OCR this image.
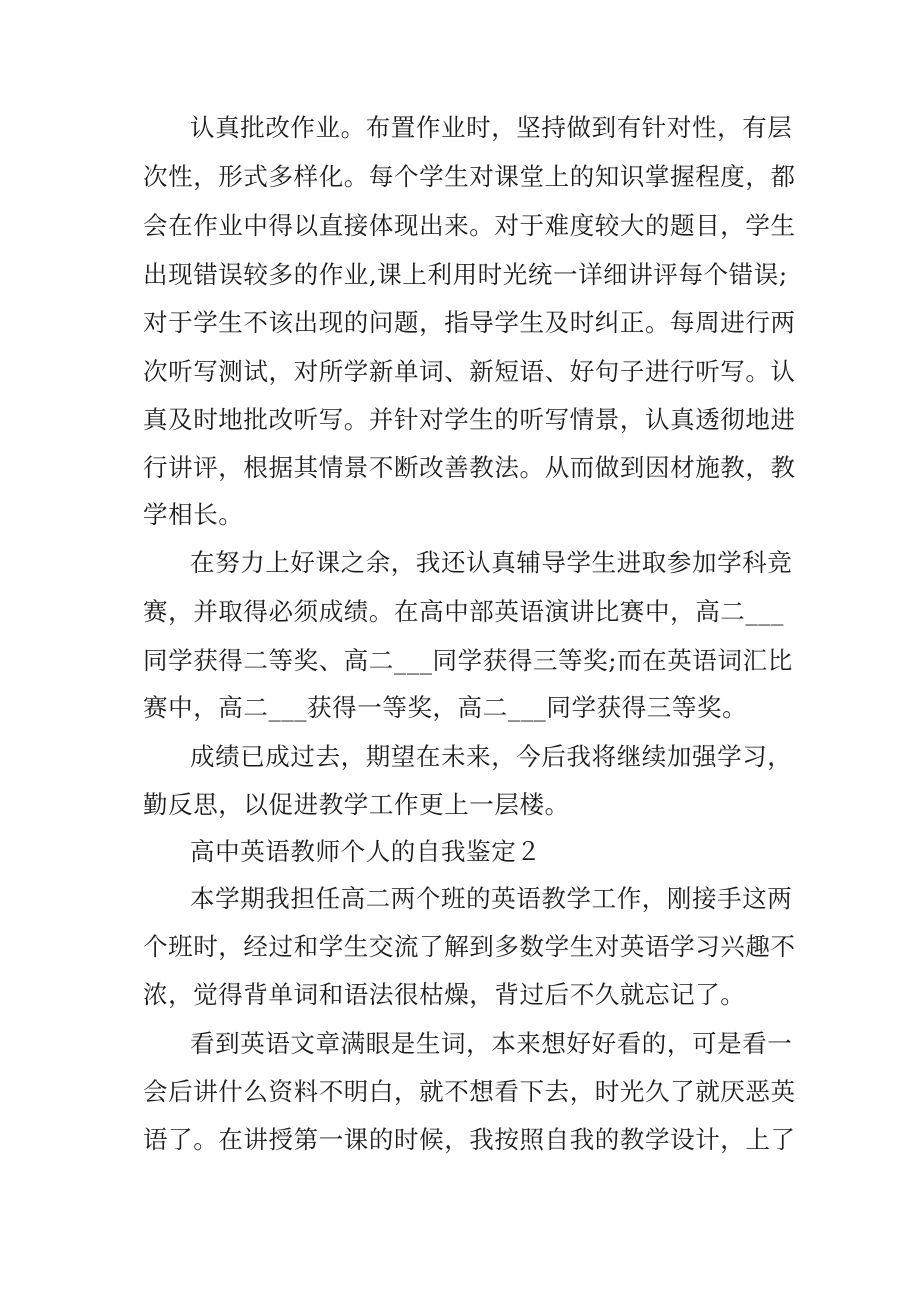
认真批改作业。布置作业时，坚持做到有针对性，有层
次性，形式多样化。每个学生对课堂上的知识掌握程度，都
会在作业中得以直接体现出来。对于难度较大的题目，学生
出现错误较多的作业,课上利用时光统一详细讲评每个错误;
对于学生不该出现的问题，指导学生及时纠正。每周进行两
次听写测试，对所学新单词、新短语、好句子进行听写。认
真及时地批改听写。并针对学生的听写情景，认真透彻地进
行讲评，根据其情景不断改善教法。从而做到因材施教，教
学相长。
在努力上好课之余，我还认真辅导学生进取参加学科竞
赛，并取得必须成绩。在高中部英语演讲比赛中，高二___
同学获得二等奖、高二___同学获得三等奖;而在英语词汇比
赛中，高二___获得一等奖，高二___同学获得三等奖。
成绩已成过去，期望在未来，今后我将继续加强学习，
勤反思，以促进教学工作更上一层楼。
高中英语教师个人的自我鉴定２
本学期我担任高二两个班的英语教学工作，刚接手这两
个班时，经过和学生交流了解到多数学生对英语学习兴趣不
浓，觉得背单词和语法很枯燥，背过后不久就忘记了。
看到英语文章满眼是生词，本来想好好看的，可是看一
会后讲什么资料不明白，就不想看下去，时光久了就厌恶英
语了。在讲授第一课的时候，我按照自我的教学设计，上了
